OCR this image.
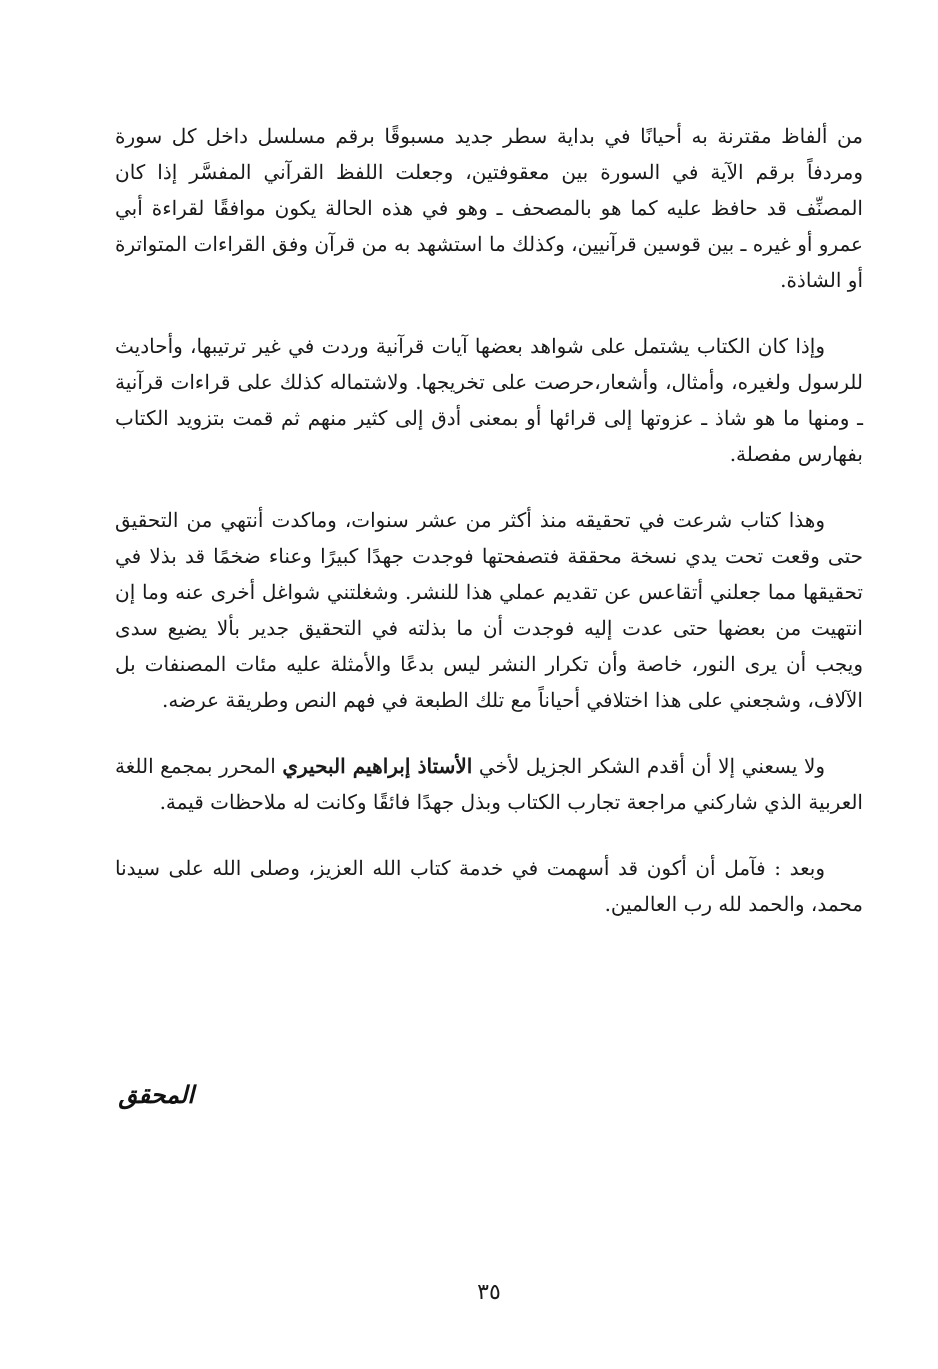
من ألفاظ مقترنة به أحيانًا في بداية سطر جديد مسبوقًا برقم مسلسل داخل كل سورة ومردفاً برقم الآية في السورة بين معقوفتين، وجعلت اللفظ القرآني المفسَّر إذا كان المصنِّف قد حافظ عليه كما هو بالمصحف ـ وهو في هذه الحالة يكون موافقًا لقراءة أبي عمرو أو غيره ـ بين قوسين قرآنيين، وكذلك ما استشهد به من قرآن وفق القراءات المتواترة أو الشاذة.

وإذا كان الكتاب يشتمل على شواهد بعضها آيات قرآنية وردت في غير ترتيبها، وأحاديث للرسول ولغيره، وأمثال، وأشعار،حرصت على تخريجها. ولاشتماله كذلك على قراءات قرآنية ـ ومنها ما هو شاذ ـ عزوتها إلى قرائها أو بمعنى أدق إلى كثير منهم ثم قمت بتزويد الكتاب بفهارس مفصلة.

وهذا كتاب شرعت في تحقيقه منذ أكثر من عشر سنوات، وماكدت أنتهي من التحقيق حتى وقعت تحت يدي نسخة محققة فتصفحتها فوجدت جهدًا كبيرًا وعناء ضخمًا قد بذلا في تحقيقها مما جعلني أتقاعس عن تقديم عملي هذا للنشر. وشغلتني شواغل أخرى عنه وما إن انتهيت من بعضها حتى عدت إليه فوجدت أن ما بذلته في التحقيق جدير بألا يضيع سدى ويجب أن يرى النور، خاصة وأن تكرار النشر ليس بدعًا والأمثلة عليه مئات المصنفات بل الآلاف، وشجعني على هذا اختلافي أحياناً مع تلك الطبعة في فهم النص وطريقة عرضه.

ولا يسعني إلا أن أقدم الشكر الجزيل لأخي الأستاذ إبراهيم البحيري المحرر بمجمع اللغة العربية الذي شاركني مراجعة تجارب الكتاب وبذل جهدًا فائقًا وكانت له ملاحظات قيمة.

وبعد : فآمل أن أكون قد أسهمت في خدمة كتاب الله العزيز، وصلى الله على سيدنا محمد، والحمد لله رب العالمين.

المحقق
٣٥
